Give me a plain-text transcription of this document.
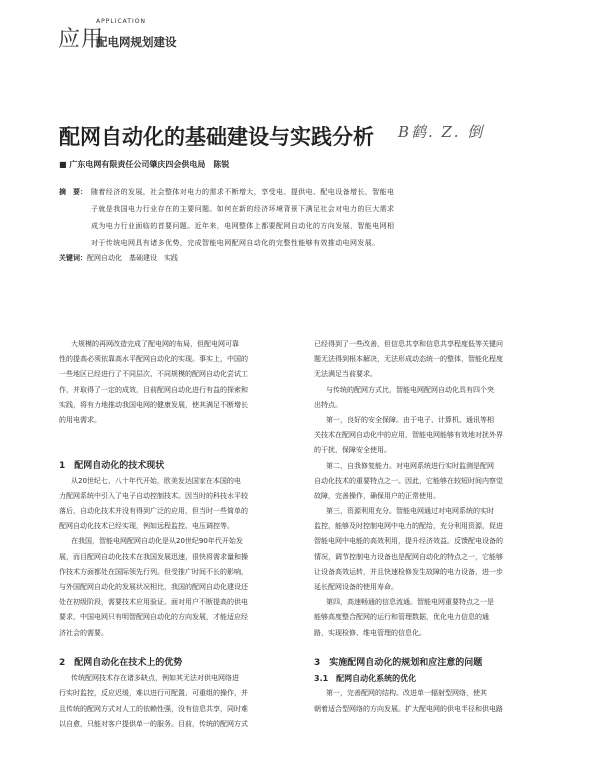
应用
APPLICATION
配电网规划建设
配网自动化的基础建设与实践分析 B鹤. Z. 倒
■ 广东电网有限责任公司肇庆四会供电局　陈锐
摘　要： 随着经济的发展，社会整体对电力的需求不断增大，享受电、提供电、配电设备增长，智能电
子就是我国电力行业存在的主要问题。如何在新的经济环境背景下满足社会对电力的巨大需求
成为电力行业面临的首要问题。近年来，电网整体上都要配网自动化的方向发展，智能电网相
对于传统电网具有诸多优势，完成智能电网配网自动化的完整性能够有效推动电网发展。
关键词：配网自动化　基础建设　实践
大规模的再网改造完成了配电网的布局，但配电网可靠
性的提高必须依靠高水平配网自动化的实现。事实上，中国的
一些地区已经进行了不同层次、不同规模的配网自动化尝试工
作，并取得了一定的成效，目前配网自动化进行有益的探索和
实践，将有力地推动我国电网的健康发展，使其满足不断增长
的用电需求。
1　配网自动化的技术现状
从20世纪七、八十年代开始，欧美发达国家在本国的电
力配网系统中引入了电子自动控制技术。因当时的科技水平较
落后，自动化技术并没有得到广泛的应用，但当时一些简单的
配网自动化技术已经实现，例如远程监控、电压调控等。
在我国，智能电网配网自动化是从20世纪90年代开始发
展，而目配网自动化技术在我国发展迅速，很快将需求量和操
作技术方面都处在国际领先行列。但受推广时间不长的影响，
与外国配网自动化的发展状况相比，我国的配网自动化建设还
处在初级阶段，需要技术应用验证。面对用户不断提高的供电
要求，中国电网只有明智配网自动化的方向发展，才能适应经
济社会的需要。
2　配网自动化在技术上的优势
传统配网技术存在诸多缺点，例如其无法对供电网络进
行实时监控，反应迟缓，难以进行可配置、可重组的操作，并
且传统的配网方式对人工的依赖性强，没有信息共享，同时难
以自愈，只能对客户提供单一的服务。目前，传统的配网方式
已经得到了一些改善，但信息共享和信息共享程度低等关键问
题无法得到根本解决，无法形成动态统一的整体，智能化程度
无法满足当前要求。
与传统的配网方式比，智能电网配网自动化具有四个突
出特点。
第一，良好的安全保障。由于电子、计算机、通讯等相
关技术在配网自动化中的应用，智能电网能够有效地对扰外界
的干扰，保障安全使用。
第二，自我修复能力。对电网系统进行实时监测是配网
自动化技术的重要特点之一。因此，它能够在较短时间内察觉
故障，完善操作，确保用户的正常使用。
第三，资源利用充分。智能电网通过对电网系统的实时
监控，能够及时控制电网中电力的配给，充分利用资源，促进
智能电网中电能的高效利用，提升经济效益。反馈配电设备的
情况，调节控制电力设备也是配网自动化的特点之一，它能够
让设备高效运转，并且快速检修发生故障的电力设备，进一步
延长配网设备的使用寿命。
第四，高速畅通的信息流通。智能电网重要特点之一是
能够高度整合配网的运行和管理数据，优化电力信息的通
路，实现检修、维电管理的信息化。
3　实施配网自动化的规划和应注意的问题
3.1　配网自动化系统的优化
第一，完善配网的结构。改进单一辐射型网络，使其
朝着适合型网络的方向发展。扩大配电网的供电半径和供电路
